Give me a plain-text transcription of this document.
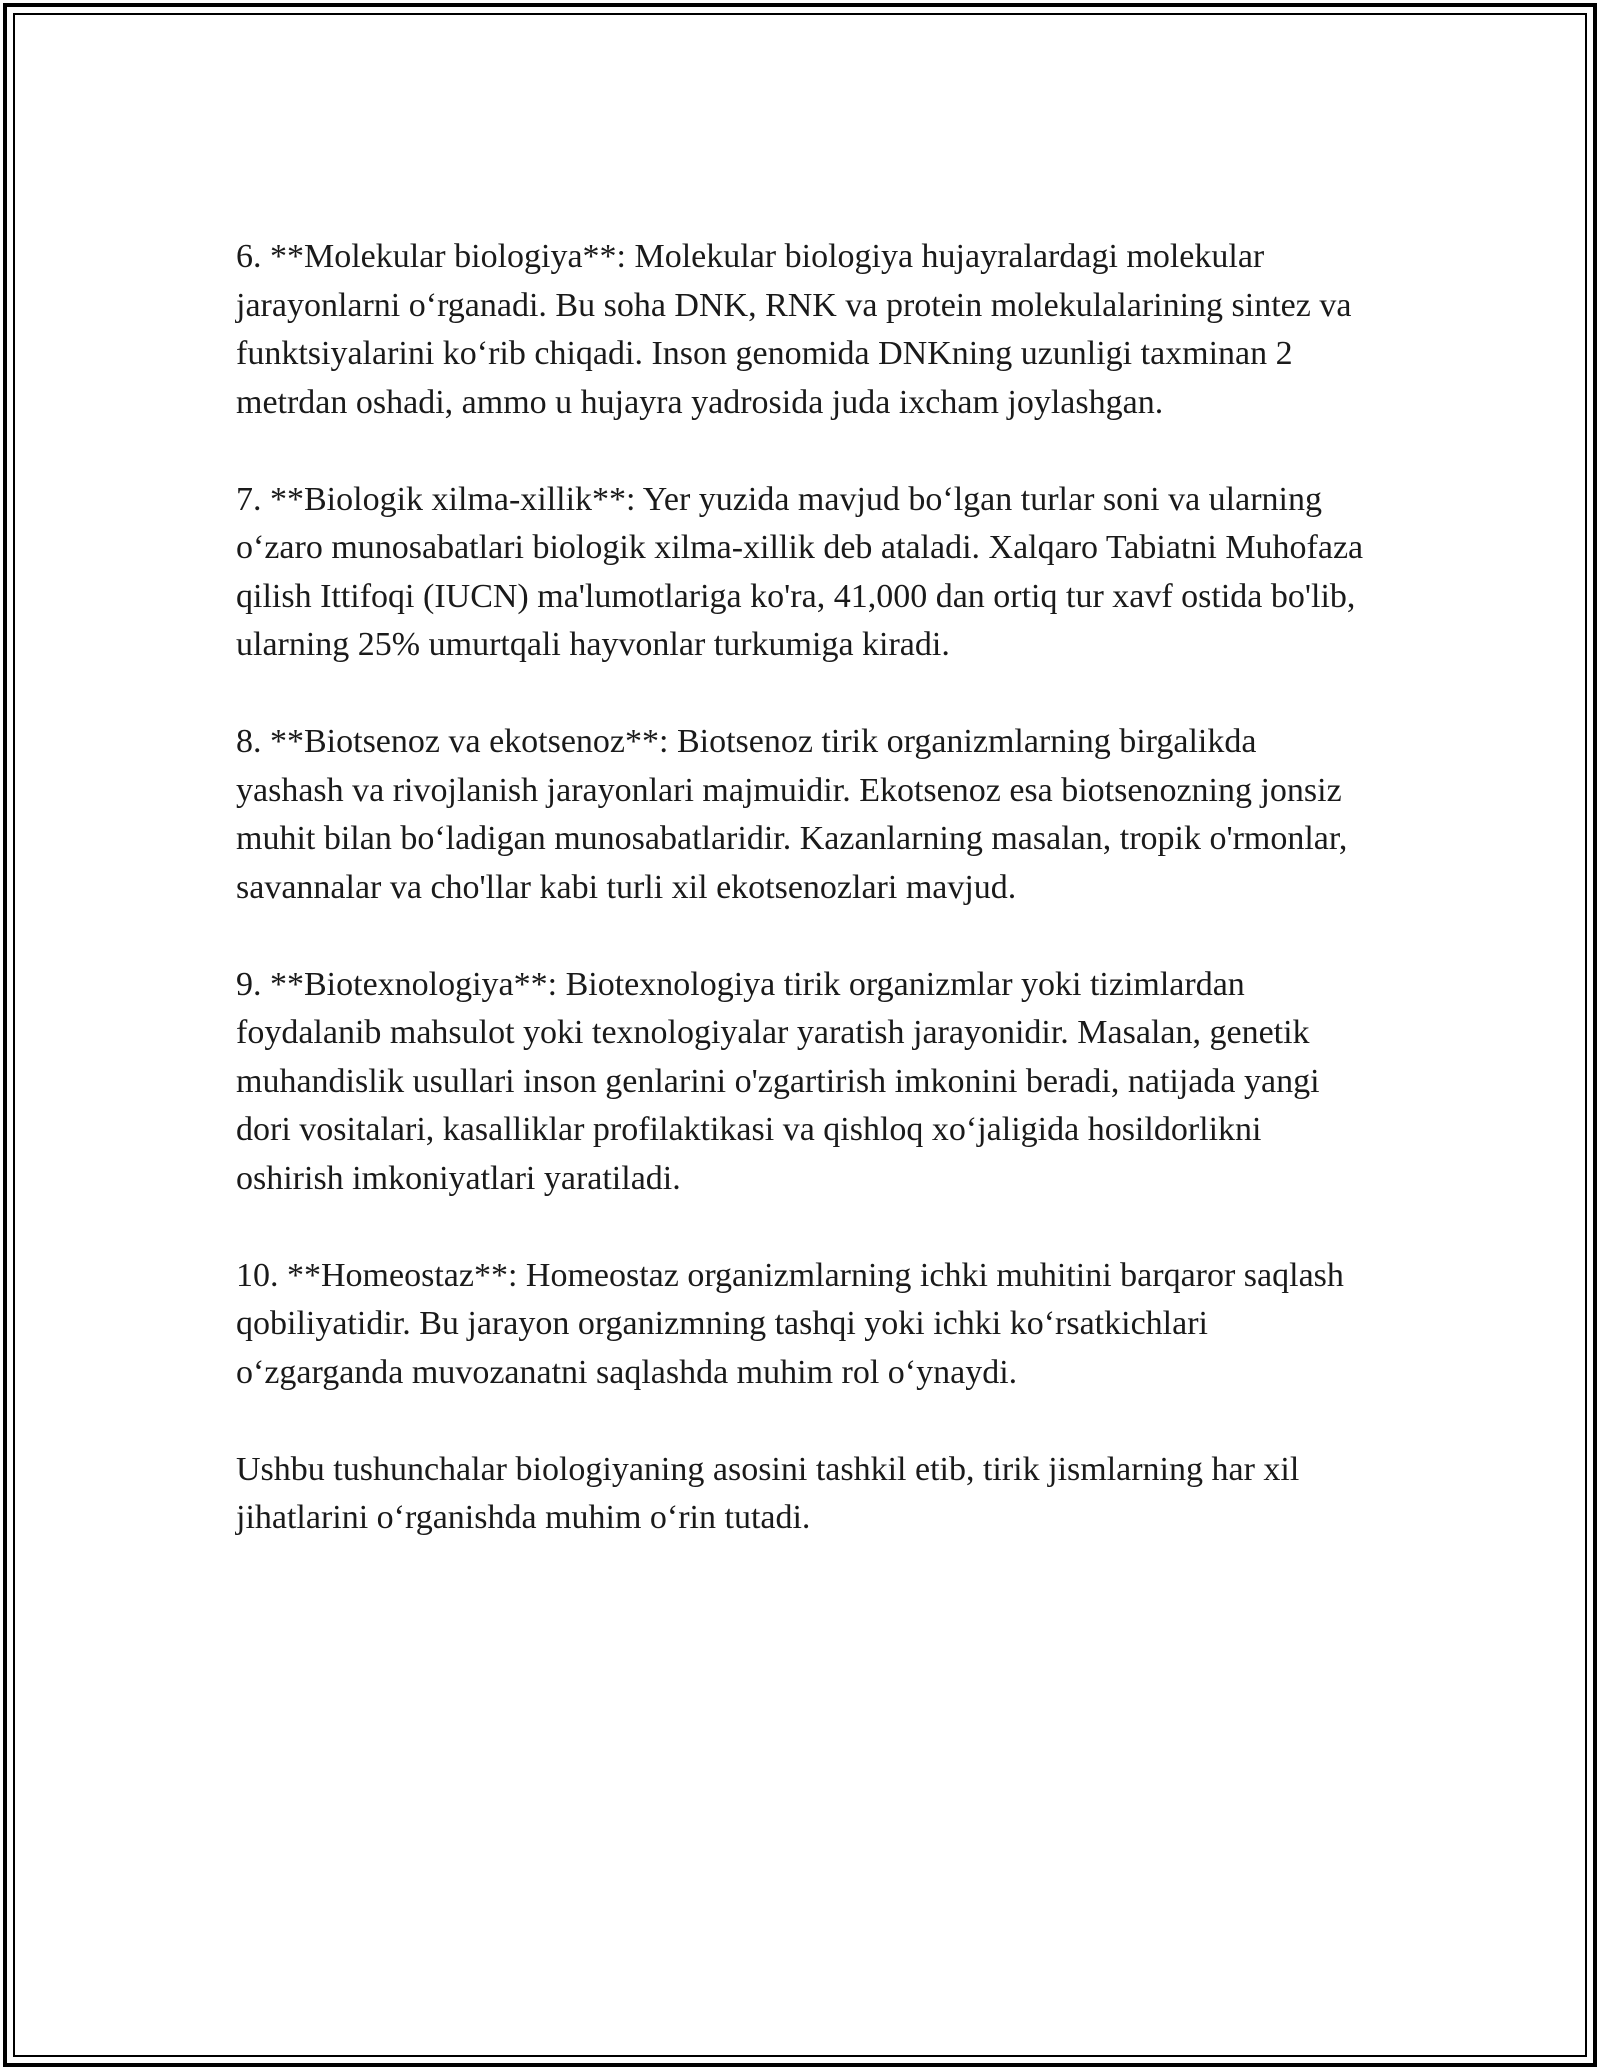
6. **Molekular biologiya**: Molekular biologiya hujayralardagi molekular jarayonlarni oʻrganadi. Bu soha DNK, RNK va protein molekulalarining sintez va funktsiyalarini koʻrib chiqadi. Inson genomida DNKning uzunligi taxminan 2 metrdan oshadi, ammo u hujayra yadrosida juda ixcham joylashgan.

7. **Biologik xilma-xillik**: Yer yuzida mavjud boʻlgan turlar soni va ularning oʻzaro munosabatlari biologik xilma-xillik deb ataladi. Xalqaro Tabiatni Muhofaza qilish Ittifoqi (IUCN) ma'lumotlariga ko'ra, 41,000 dan ortiq tur xavf ostida bo'lib, ularning 25% umurtqali hayvonlar turkumiga kiradi.

8. **Biotsenoz va ekotsenoz**: Biotsenoz tirik organizmlarning birgalikda yashash va rivojlanish jarayonlari majmuidir. Ekotsenoz esa biotsenozning jonsiz muhit bilan boʻladigan munosabatlaridir. Kazanlarning masalan, tropik o'rmonlar, savannalar va cho'llar kabi turli xil ekotsenozlari mavjud.

9. **Biotexnologiya**: Biotexnologiya tirik organizmlar yoki tizimlardan foydalanib mahsulot yoki texnologiyalar yaratish jarayonidir. Masalan, genetik muhandislik usullari inson genlarini o'zgartirish imkonini beradi, natijada yangi dori vositalari, kasalliklar profilaktikasi va qishloq xoʻjaligida hosildorlikni oshirish imkoniyatlari yaratiladi.

10. **Homeostaz**: Homeostaz organizmlarning ichki muhitini barqaror saqlash qobiliyatidir. Bu jarayon organizmning tashqi yoki ichki koʻrsatkichlari oʻzgarganda muvozanatni saqlashda muhim rol oʻynaydi.

Ushbu tushunchalar biologiyaning asosini tashkil etib, tirik jismlarning har xil jihatlarini oʻrganishda muhim oʻrin tutadi.
